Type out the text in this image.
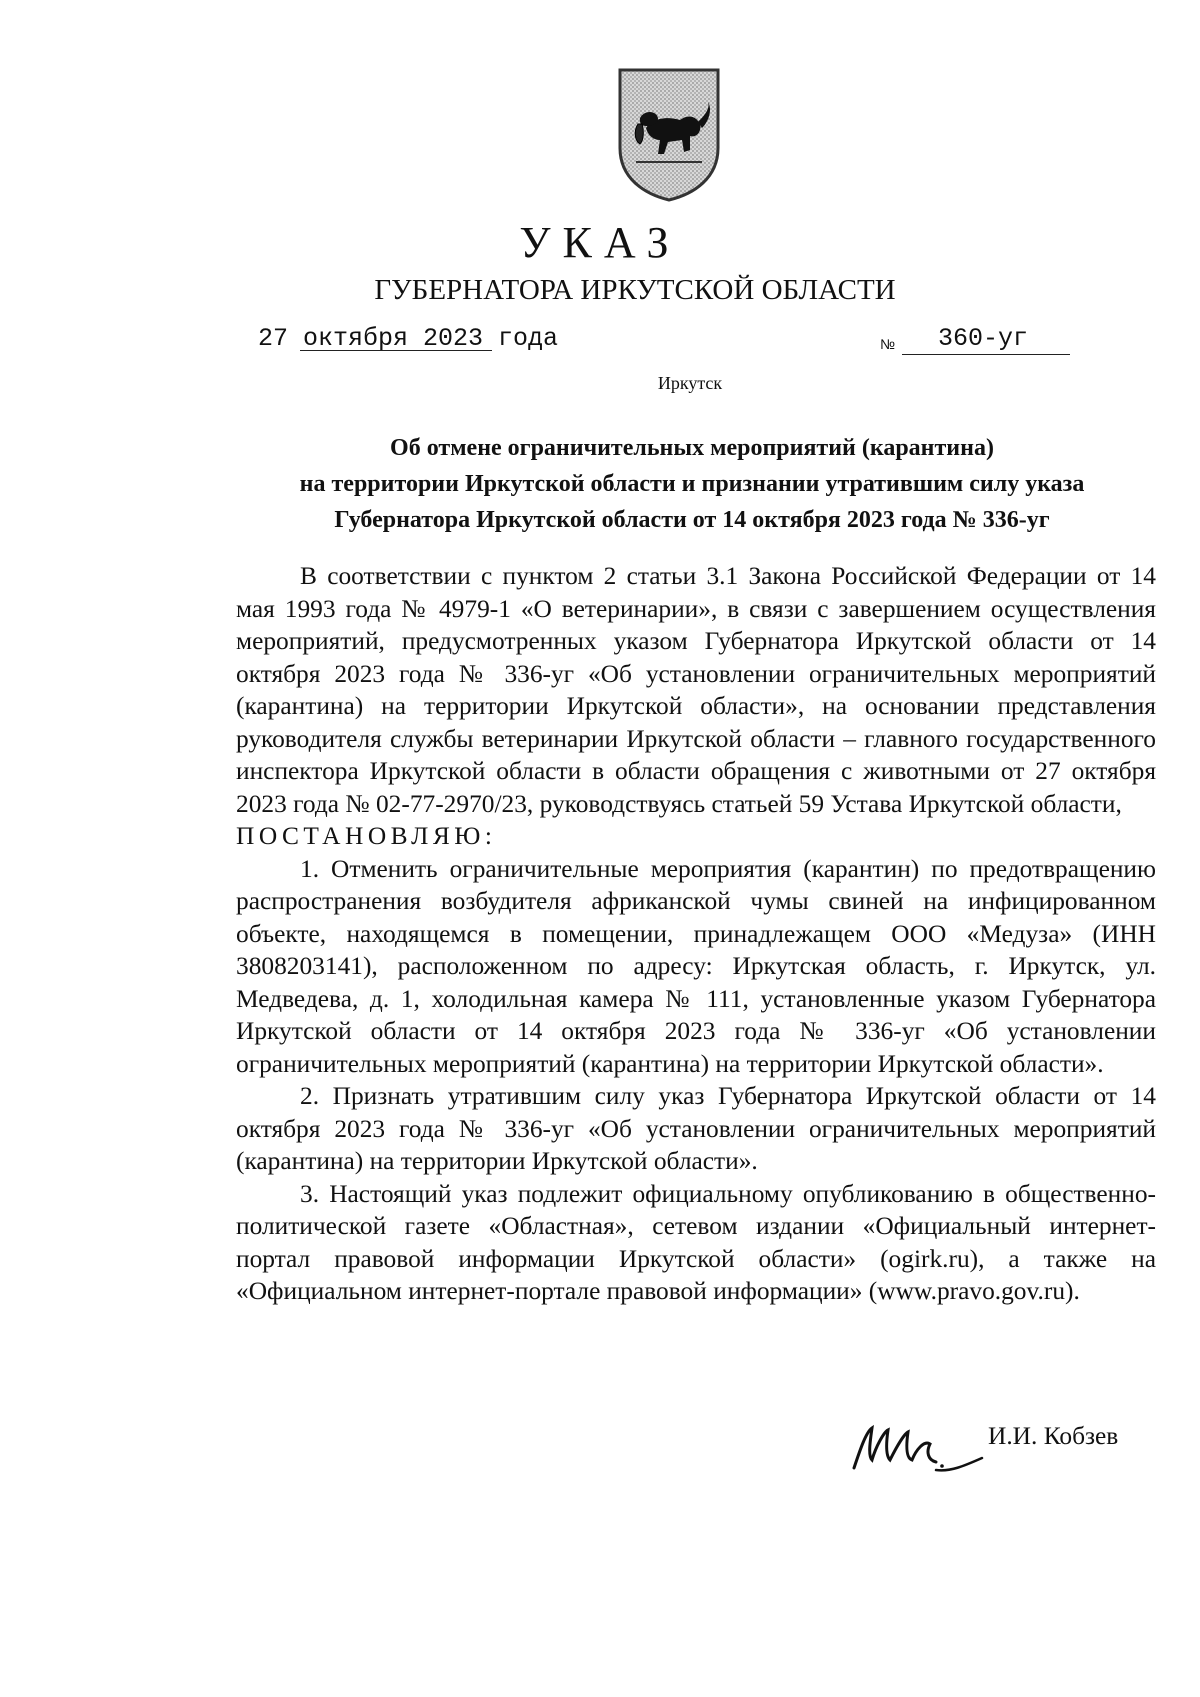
УКАЗ
ГУБЕРНАТОРА ИРКУТСКОЙ ОБЛАСТИ
27 октября 2023 года	№ 360-уг
Иркутск
Об отмене ограничительных мероприятий (карантина)
на территории Иркутской области и признании утратившим силу указа
Губернатора Иркутской области от 14 октября 2023 года № 336-уг

В соответствии с пунктом 2 статьи 3.1 Закона Российской Федерации от 14 мая 1993 года № 4979-1 «О ветеринарии», в связи с завершением осуществления мероприятий, предусмотренных указом Губернатора Иркутской области от 14 октября 2023 года № 336-уг «Об установлении ограничительных мероприятий (карантина) на территории Иркутской области», на основании представления руководителя службы ветеринарии Иркутской области – главного государственного инспектора Иркутской области в области обращения с животными от 27 октября 2023 года № 02-77-2970/23, руководствуясь статьей 59 Устава Иркутской области,

ПОСТАНОВЛЯЮ:

1. Отменить ограничительные мероприятия (карантин) по предотвращению распространения возбудителя африканской чумы свиней на инфицированном объекте, находящемся в помещении, принадлежащем ООО «Медуза» (ИНН 3808203141), расположенном по адресу: Иркутская область, г. Иркутск, ул. Медведева, д. 1, холодильная камера № 111, установленные указом Губернатора Иркутской области от 14 октября 2023 года № 336-уг «Об установлении ограничительных мероприятий (карантина) на территории Иркутской области».

2. Признать утратившим силу указ Губернатора Иркутской области от 14 октября 2023 года № 336-уг «Об установлении ограничительных мероприятий (карантина) на территории Иркутской области».

3. Настоящий указ подлежит официальному опубликованию в общественно-политической газете «Областная», сетевом издании «Официальный интернет-портал правовой информации Иркутской области» (ogirk.ru), а также на «Официальном интернет-портале правовой информации» (www.pravo.gov.ru).

И.И. Кобзев
